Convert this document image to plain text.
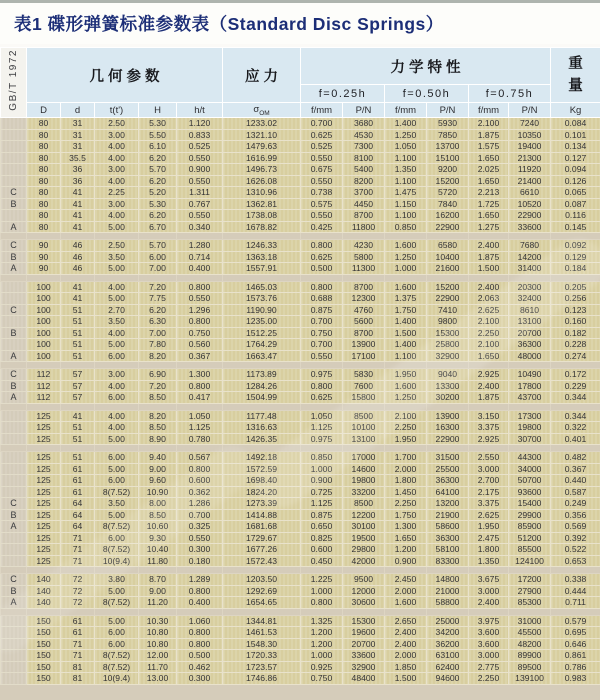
表1 碟形弹簧标准参数表（Standard Disc Springs）
GB/T 1972	几 何 参 数					应 力	力 学 特 性						重量

							f=0.25h		f=0.50h		f=0.75h		
	D	d	t(t')	H	h/t	$\sigma_{OM}$	f/mm	P/N	f/mm	P/N	f/mm	P/N	Kg
	80	31	2.50	5.30	1.120	1233.02	0.700	3680	1.400	5930	2.100	7240	0.084
	80	31	3.00	5.50	0.833	1321.10	0.625	4530	1.250	7850	1.875	10350	0.101
	80	31	4.00	6.10	0.525	1479.63	0.525	7300	1.050	13700	1.575	19400	0.134
	80	35.5	4.00	6.20	0.550	1616.99	0.550	8100	1.100	15100	1.650	21300	0.127
	80	36	3.00	5.70	0.900	1496.73	0.675	5400	1.350	9200	2.025	11920	0.094
	80	36	4.00	6.20	0.550	1626.08	0.550	8200	1.100	15200	1.650	21400	0.126
C	80	41	2.25	5.20	1.311	1310.96	0.738	3700	1.475	5720	2.213	6610	0.065
B	80	41	3.00	5.30	0.767	1362.81	0.575	4450	1.150	7840	1.725	10520	0.087
	80	41	4.00	6.20	0.550	1738.08	0.550	8700	1.100	16200	1.650	22900	0.116
A	80	41	5.00	6.70	0.340	1678.82	0.425	11800	0.850	22900	1.275	33600	0.145

C	90	46	2.50	5.70	1.280	1246.33	0.800	4230	1.600	6580	2.400	7680	0.092
B	90	46	3.50	6.00	0.714	1363.18	0.625	5800	1.250	10400	1.875	14200	0.129
A	90	46	5.00	7.00	0.400	1557.91	0.500	11300	1.000	21600	1.500	31400	0.184

	100	41	4.00	7.20	0.800	1465.03	0.800	8700	1.600	15200	2.400	20300	0.205
	100	41	5.00	7.75	0.550	1573.76	0.688	12300	1.375	22900	2.063	32400	0.256
C	100	51	2.70	6.20	1.296	1190.90	0.875	4760	1.750	7410	2.625	8610	0.123
	100	51	3.50	6.30	0.800	1235.00	0.700	5600	1.400	9800	2.100	13100	0.160
B	100	51	4.00	7.00	0.750	1512.25	0.750	8700	1.500	15300	2.250	20700	0.182
	100	51	5.00	7.80	0.560	1764.29	0.700	13900	1.400	25800	2.100	36300	0.228
A	100	51	6.00	8.20	0.367	1663.47	0.550	17100	1.100	32900	1.650	48000	0.274

C	112	57	3.00	6.90	1.300	1173.89	0.975	5830	1.950	9040	2.925	10490	0.172
B	112	57	4.00	7.20	0.800	1284.26	0.800	7600	1.600	13300	2.400	17800	0.229
A	112	57	6.00	8.50	0.417	1504.99	0.625	15800	1.250	30200	1.875	43700	0.344

	125	41	4.00	8.20	1.050	1177.48	1.050	8500	2.100	13900	3.150	17300	0.344
	125	51	4.00	8.50	1.125	1316.63	1.125	10100	2.250	16300	3.375	19800	0.322
	125	51	5.00	8.90	0.780	1426.35	0.975	13100	1.950	22900	2.925	30700	0.401

	125	51	6.00	9.40	0.567	1492.18	0.850	17000	1.700	31500	2.550	44300	0.482
	125	61	5.00	9.00	0.800	1572.59	1.000	14600	2.000	25500	3.000	34000	0.367
	125	61	6.00	9.60	0.600	1698.40	0.900	19800	1.800	36300	2.700	50700	0.440
	125	61	8(7.52)	10.90	0.362	1824.20	0.725	33200	1.450	64100	2.175	93600	0.587
C	125	64	3.50	8.00	1.286	1273.39	1.125	8500	2.250	13200	3.375	15400	0.249
B	125	64	5.00	8.50	0.700	1414.88	0.875	12200	1.750	21900	2.625	29900	0.356
A	125	64	8(7.52)	10.60	0.325	1681.68	0.650	30100	1.300	58600	1.950	85900	0.569
	125	71	6.00	9.30	0.550	1729.67	0.825	19500	1.650	36300	2.475	51200	0.392
	125	71	8(7.52)	10.40	0.300	1677.26	0.600	29800	1.200	58100	1.800	85500	0.522
	125	71	10(9.4)	11.80	0.180	1572.43	0.450	42000	0.900	83300	1.350	124100	0.653

C	140	72	3.80	8.70	1.289	1203.50	1.225	9500	2.450	14800	3.675	17200	0.338
B	140	72	5.00	9.00	0.800	1292.69	1.000	12000	2.000	21000	3.000	27900	0.444
A	140	72	8(7.52)	11.20	0.400	1654.65	0.800	30600	1.600	58800	2.400	85300	0.711

	150	61	5.00	10.30	1.060	1344.81	1.325	15300	2.650	25000	3.975	31000	0.579
	150	61	6.00	10.80	0.800	1461.53	1.200	19600	2.400	34200	3.600	45500	0.695
	150	71	6.00	10.80	0.800	1548.30	1.200	20700	2.400	36200	3.600	48200	0.646
	150	71	8(7.52)	12.00	0.500	1720.33	1.000	33600	2.000	63100	3.000	89900	0.861
	150	81	8(7.52)	11.70	0.462	1723.57	0.925	32900	1.850	62400	2.775	89500	0.786
	150	81	10(9.4)	13.00	0.300	1746.86	0.750	48400	1.500	94600	2.250	139100	0.983
